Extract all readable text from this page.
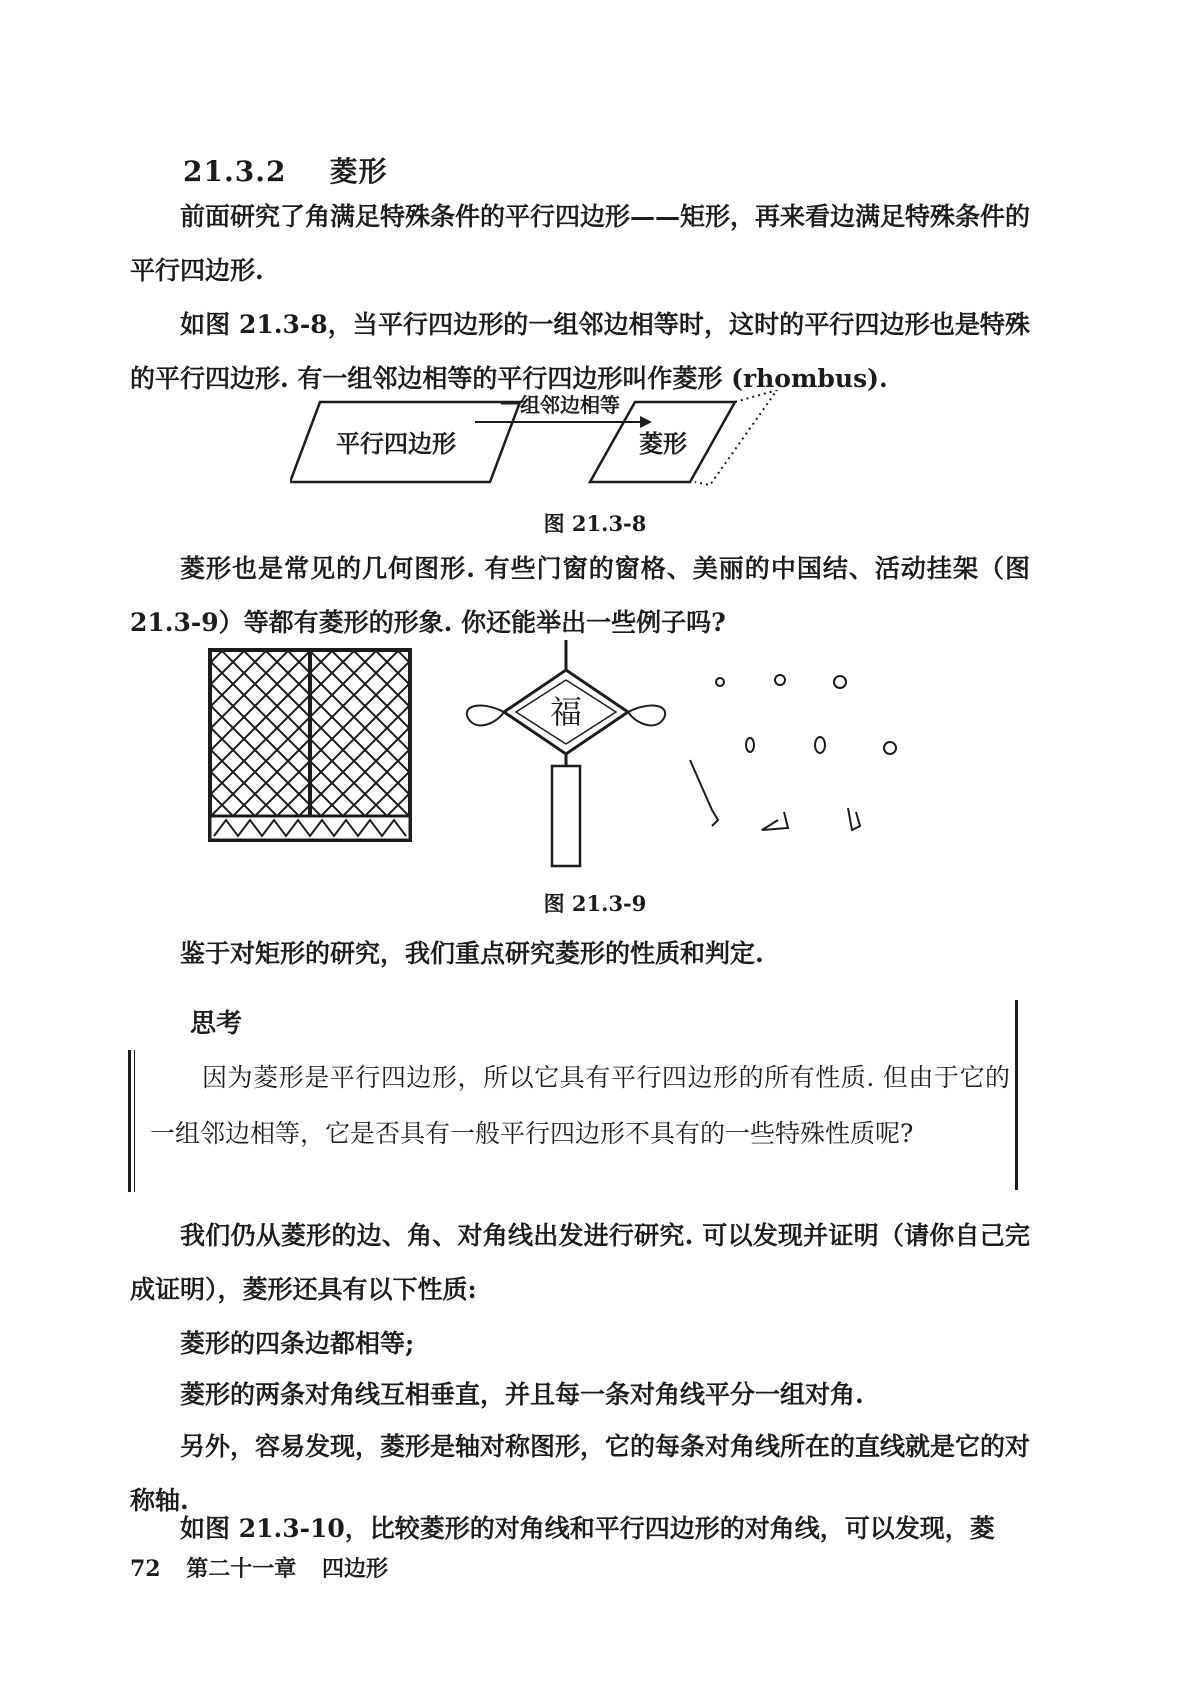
21.3.2 菱形
前面研究了角满足特殊条件的平行四边形——矩形，再来看边满足特殊条件的平行四边形.
如图 21.3-8，当平行四边形的一组邻边相等时，这时的平行四边形也是特殊的平行四边形. 有一组邻边相等的平行四边形叫作菱形 (rhombus).
平行四边形
一组邻边相等
菱形
图 21.3-8
菱形也是常见的几何图形. 有些门窗的窗格、美丽的中国结、活动挂架（图 21.3-9）等都有菱形的形象. 你还能举出一些例子吗?
福
图 21.3-9
鉴于对矩形的研究，我们重点研究菱形的性质和判定.
思考
因为菱形是平行四边形，所以它具有平行四边形的所有性质. 但由于它的一组邻边相等，它是否具有一般平行四边形不具有的一些特殊性质呢?
我们仍从菱形的边、角、对角线出发进行研究. 可以发现并证明（请你自己完成证明），菱形还具有以下性质:
菱形的四条边都相等;
菱形的两条对角线互相垂直，并且每一条对角线平分一组对角.
另外，容易发现，菱形是轴对称图形，它的每条对角线所在的直线就是它的对称轴.
如图 21.3-10，比较菱形的对角线和平行四边形的对角线，可以发现，菱
72 第二十一章 四边形
